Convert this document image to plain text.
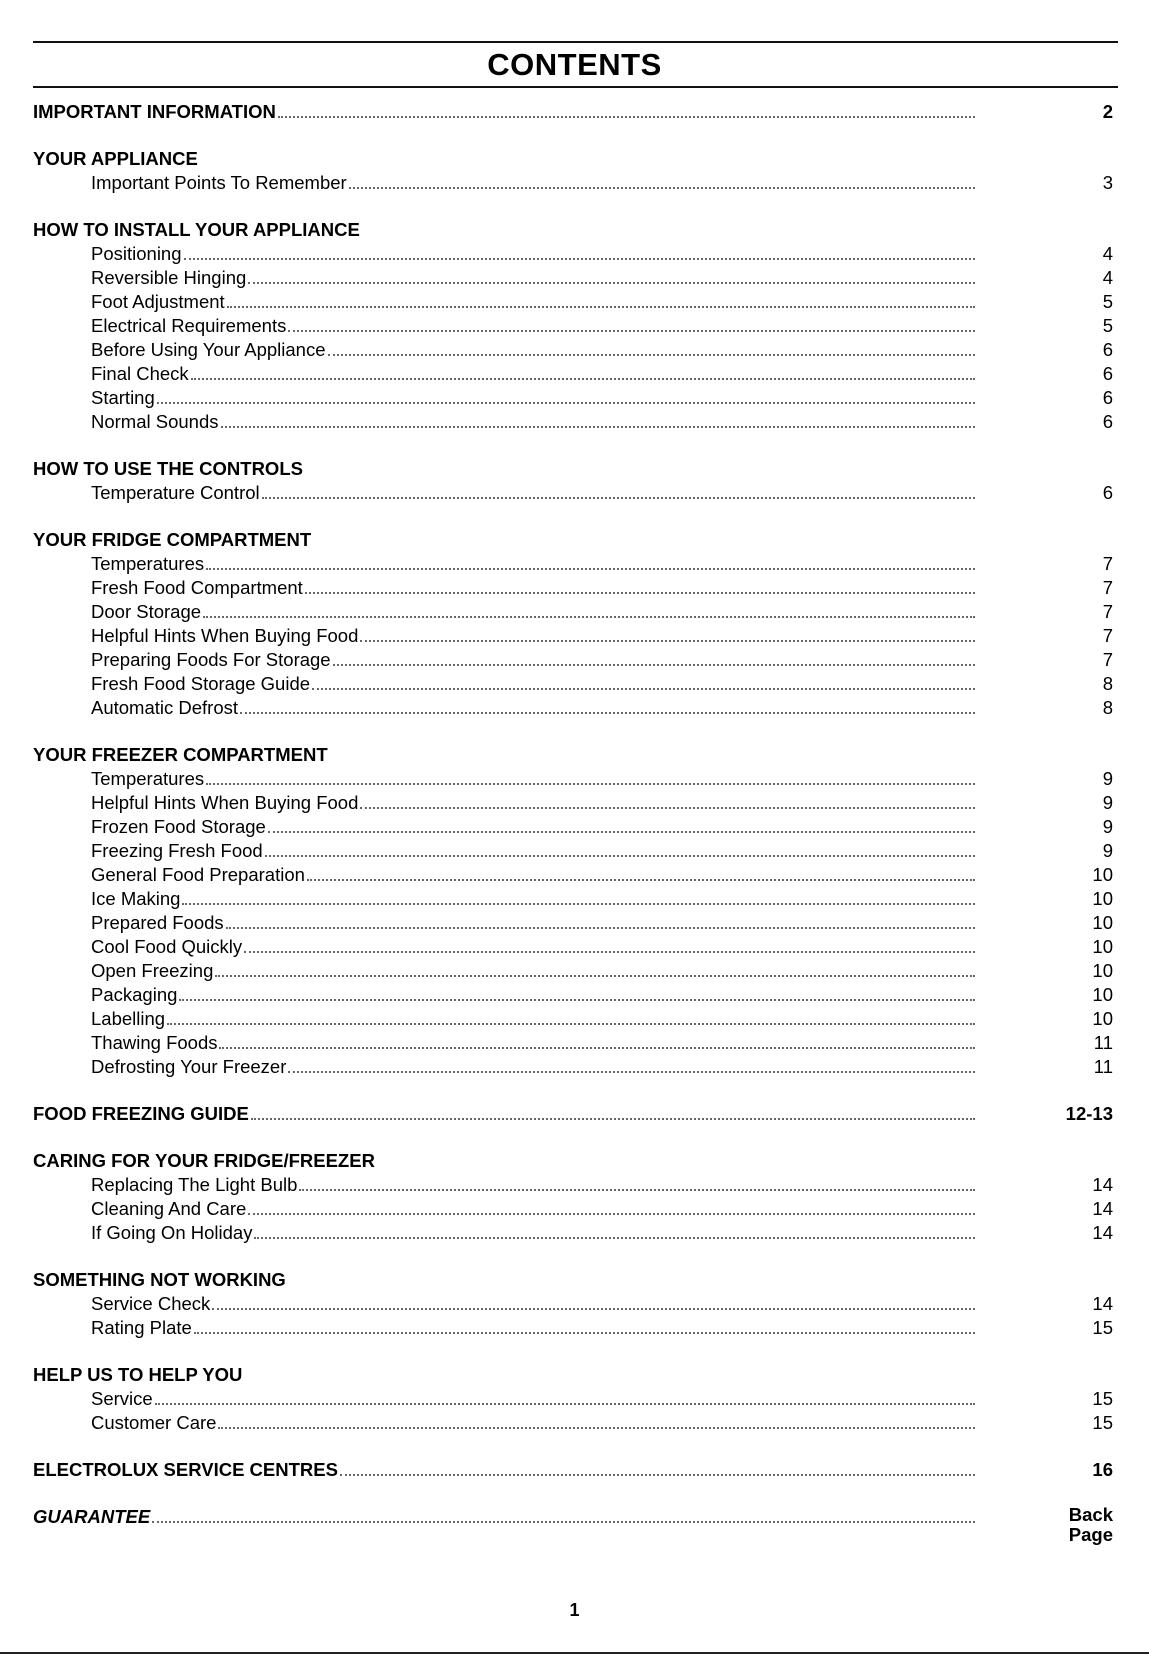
CONTENTS
IMPORTANT INFORMATION	2
YOUR APPLIANCE
Important Points To Remember	3
HOW TO INSTALL YOUR APPLIANCE
Positioning	4
Reversible Hinging	4
Foot Adjustment	5
Electrical Requirements	5
Before Using Your Appliance	6
Final Check	6
Starting	6
Normal Sounds	6
HOW TO USE THE CONTROLS
Temperature Control	6
YOUR FRIDGE COMPARTMENT
Temperatures	7
Fresh Food Compartment	7
Door Storage	7
Helpful Hints When Buying Food	7
Preparing Foods For Storage	7
Fresh Food Storage Guide	8
Automatic Defrost	8
YOUR FREEZER COMPARTMENT
Temperatures	9
Helpful Hints When Buying Food	9
Frozen Food Storage	9
Freezing Fresh Food	9
General Food Preparation	10
Ice Making	10
Prepared Foods	10
Cool Food Quickly	10
Open Freezing	10
Packaging	10
Labelling	10
Thawing Foods	11
Defrosting Your Freezer	11
FOOD FREEZING GUIDE	12-13
CARING FOR YOUR FRIDGE/FREEZER
Replacing The Light Bulb	14
Cleaning And Care	14
If Going On Holiday	14
SOMETHING NOT WORKING
Service Check	14
Rating Plate	15
HELP US TO HELP YOU
Service	15
Customer Care	15
ELECTROLUX SERVICE CENTRES	16
GUARANTEE	Back Page
1
